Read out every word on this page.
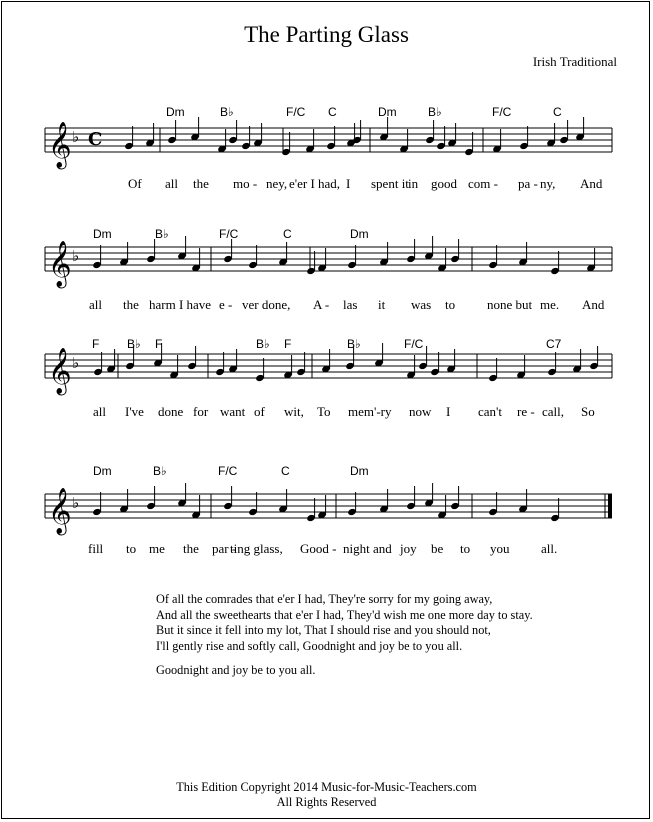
The Parting Glass
Irish Traditional
𝄞 ♭ C
𝄞 ♭
𝄞 ♭
𝄞 ♭
Dm	B♭	F/C C	Dm	B♭	F/C	C
Dm	B♭	F/C	C	Dm
F B♭ F	B♭ F	B♭	F/C	C7
Dm	B♭	F/C	C	Dm
Of all the mo - ney, e'er I had, I spent it in good com - pa - ny, And
all the harm I have e - ver done, A - las it was to none but me. And
all I've done for want of wit, To mem'-ry now I can't re - call, So
fill to me the par -
ting glass, Good - night and joy be to you all.
Of all the comrades that e'er I had, They're sorry for my going away,
And all the sweethearts that e'er I had, They'd wish me one more day to stay.
But it since it fell into my lot, That I should rise and you should not,
I'll gently rise and softly call, Goodnight and joy be to you all.
Goodnight and joy be to you all.
This Edition Copyright 2014 Music-for-Music-Teachers.com
All Rights Reserved
